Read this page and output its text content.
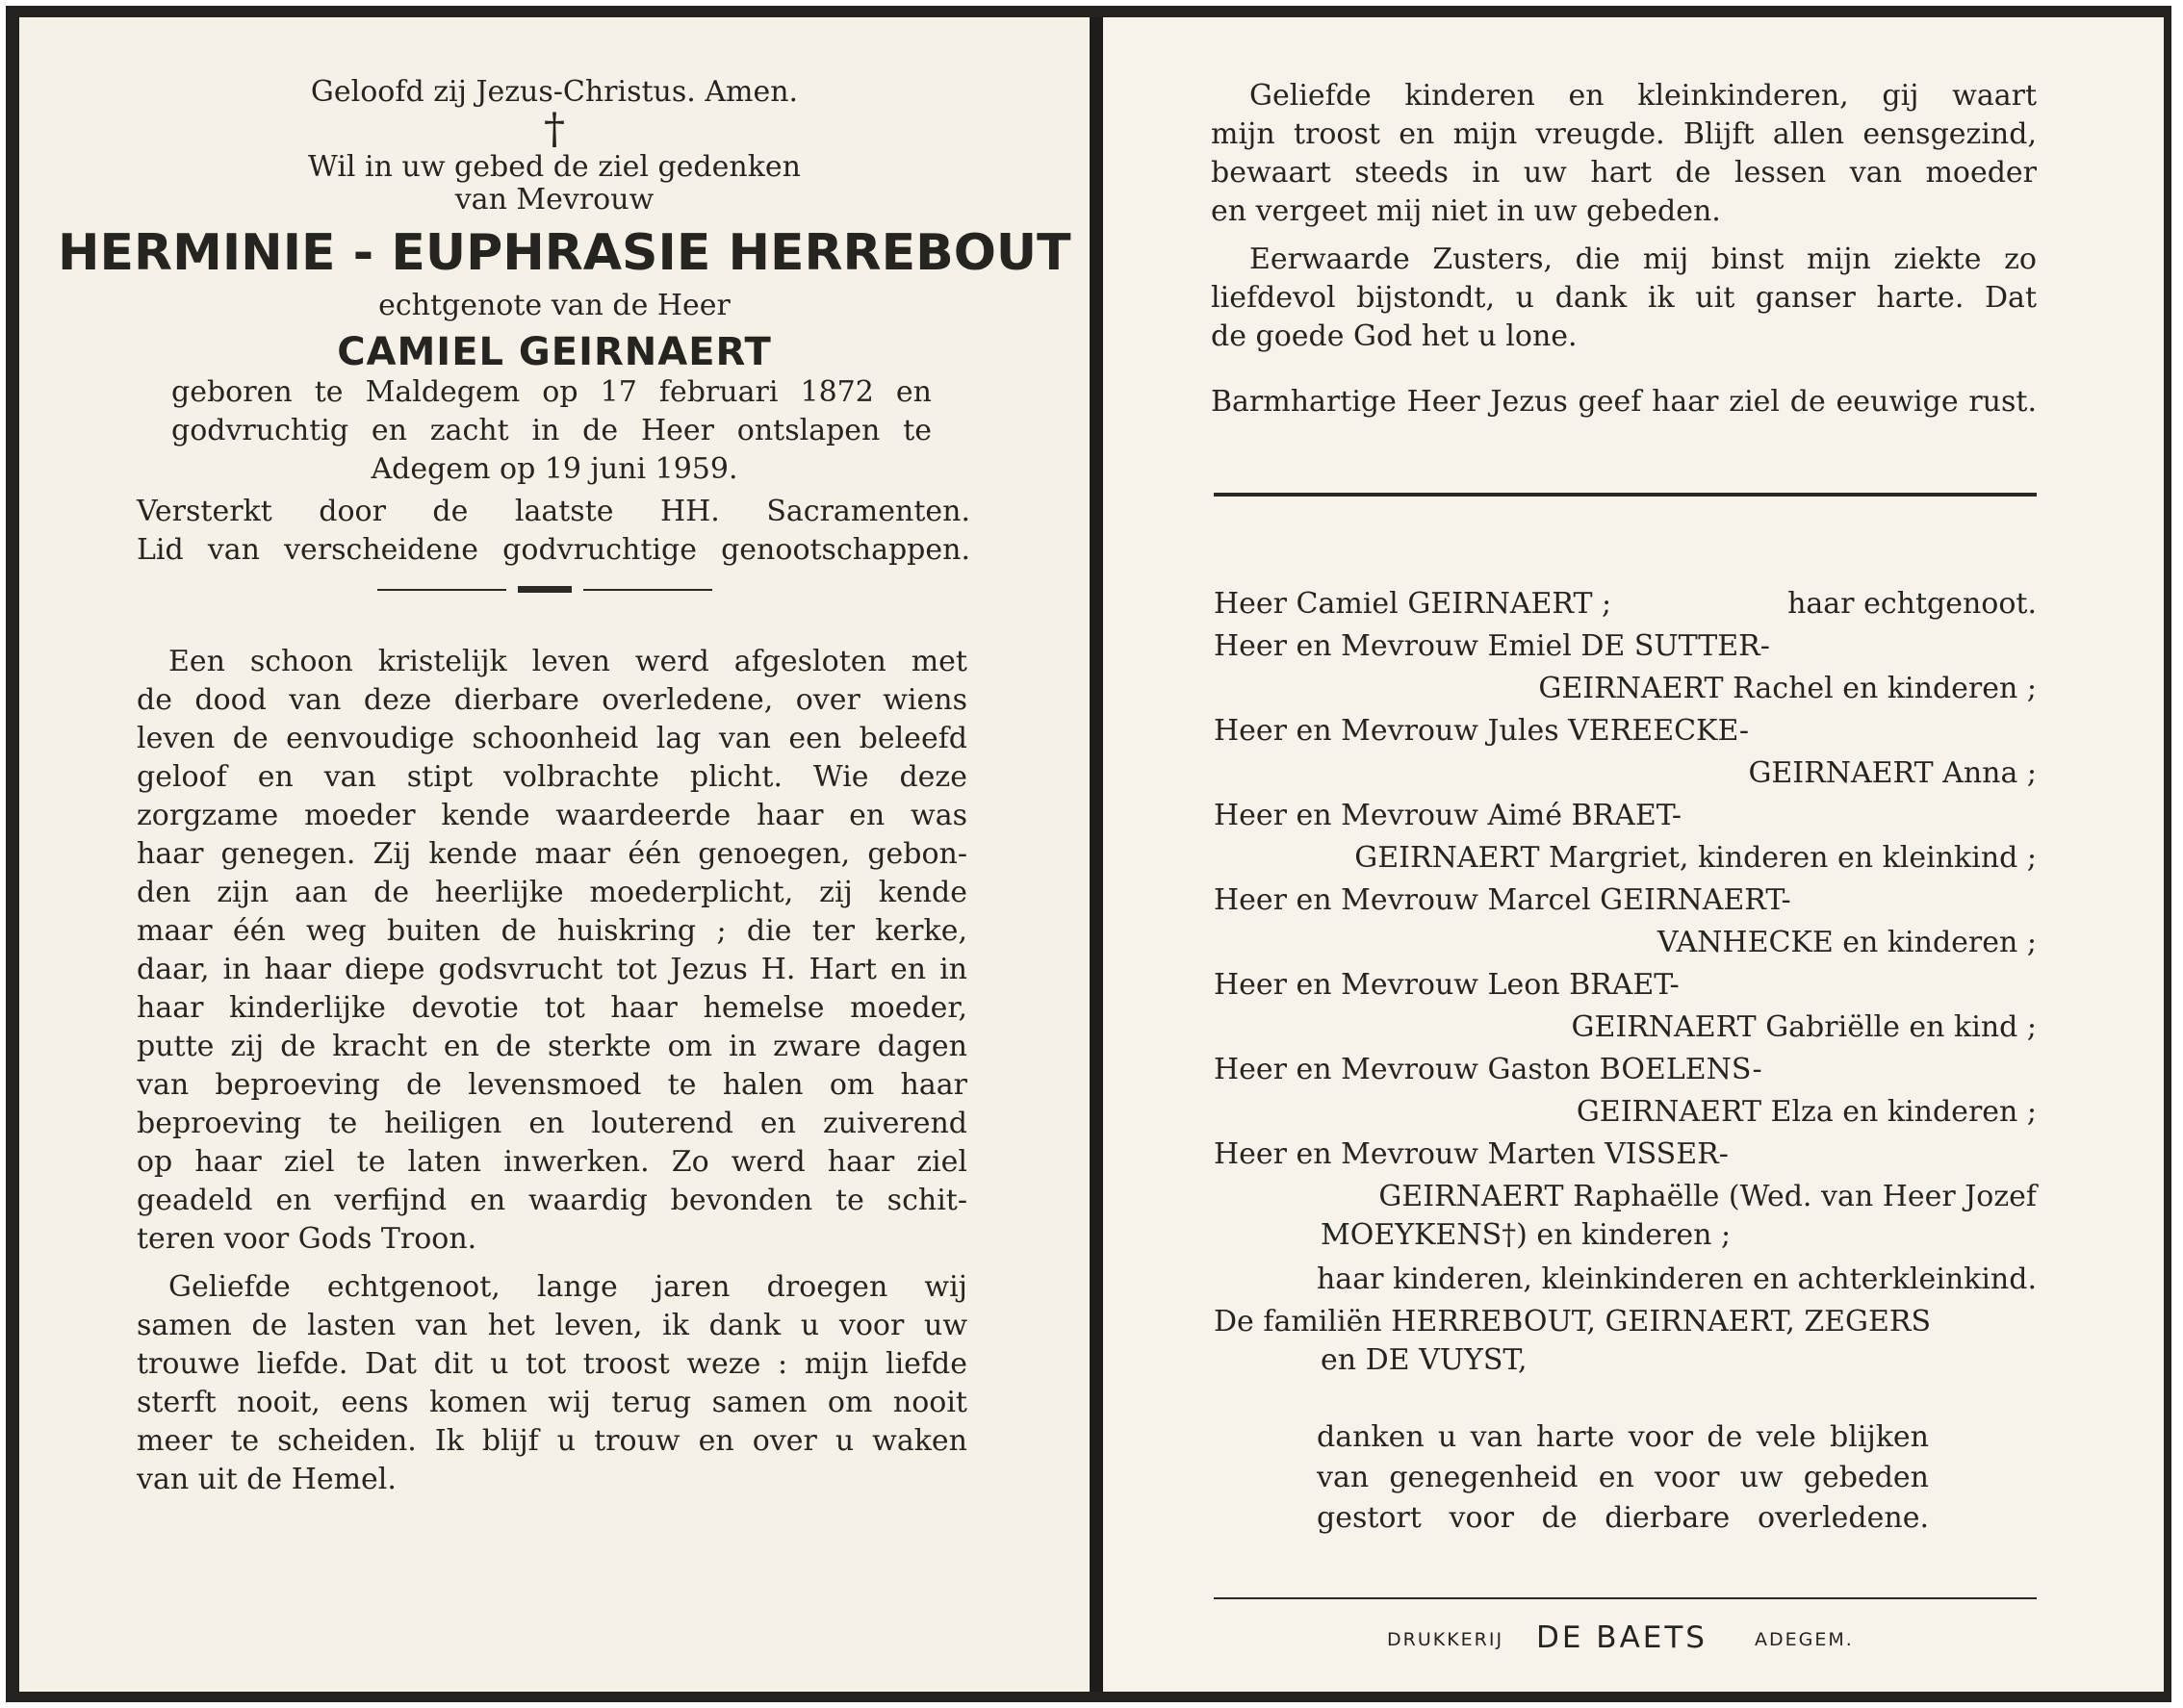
Geloofd zij Jezus-Christus. Amen.
†
Wil in uw gebed de ziel gedenken
van Mevrouw
HERMINIE - EUPHRASIE HERREBOUT
echtgenote van de Heer
CAMIEL GEIRNAERT
geboren te Maldegem op 17 februari 1872 en
godvruchtig en zacht in de Heer ontslapen te
Adegem op 19 juni 1959.
Versterkt door de laatste HH. Sacramenten.
Lid van verscheidene godvruchtige genootschappen.
Een schoon kristelijk leven werd afgesloten met
de dood van deze dierbare overledene, over wiens
leven de eenvoudige schoonheid lag van een beleefd
geloof en van stipt volbrachte plicht. Wie deze
zorgzame moeder kende waardeerde haar en was
haar genegen. Zij kende maar één genoegen, gebon-
den zijn aan de heerlijke moederplicht, zij kende
maar één weg buiten de huiskring ; die ter kerke,
daar, in haar diepe godsvrucht tot Jezus H. Hart en in
haar kinderlijke devotie tot haar hemelse moeder,
putte zij de kracht en de sterkte om in zware dagen
van beproeving de levensmoed te halen om haar
beproeving te heiligen en louterend en zuiverend
op haar ziel te laten inwerken. Zo werd haar ziel
geadeld en verfijnd en waardig bevonden te schit-
teren voor Gods Troon.
Geliefde echtgenoot, lange jaren droegen wij
samen de lasten van het leven, ik dank u voor uw
trouwe liefde. Dat dit u tot troost weze : mijn liefde
sterft nooit, eens komen wij terug samen om nooit
meer te scheiden. Ik blijf u trouw en over u waken
van uit de Hemel.
Geliefde kinderen en kleinkinderen, gij waart
mijn troost en mijn vreugde. Blijft allen eensgezind,
bewaart steeds in uw hart de lessen van moeder
en vergeet mij niet in uw gebeden.
Eerwaarde Zusters, die mij binst mijn ziekte zo
liefdevol bijstondt, u dank ik uit ganser harte. Dat
de goede God het u lone.
Barmhartige Heer Jezus geef haar ziel de eeuwige rust.
Heer Camiel GEIRNAERT ;	haar echtgenoot.
Heer en Mevrouw Emiel DE SUTTER-
GEIRNAERT Rachel en kinderen ;
Heer en Mevrouw Jules VEREECKE-
GEIRNAERT Anna ;
Heer en Mevrouw Aimé BRAET-
GEIRNAERT Margriet, kinderen en kleinkind ;
Heer en Mevrouw Marcel GEIRNAERT-
VANHECKE en kinderen ;
Heer en Mevrouw Leon BRAET-
GEIRNAERT Gabriëlle en kind ;
Heer en Mevrouw Gaston BOELENS-
GEIRNAERT Elza en kinderen ;
Heer en Mevrouw Marten VISSER-
GEIRNAERT Raphaëlle (Wed. van Heer Jozef
MOEYKENS†) en kinderen ;
haar kinderen, kleinkinderen en achterkleinkind.
De familiën HERREBOUT, GEIRNAERT, ZEGERS
en DE VUYST,
danken u van harte voor de vele blijken
van genegenheid en voor uw gebeden
gestort voor de dierbare overledene.
DRUKKERIJ DE BAETS	ADEGEM.
